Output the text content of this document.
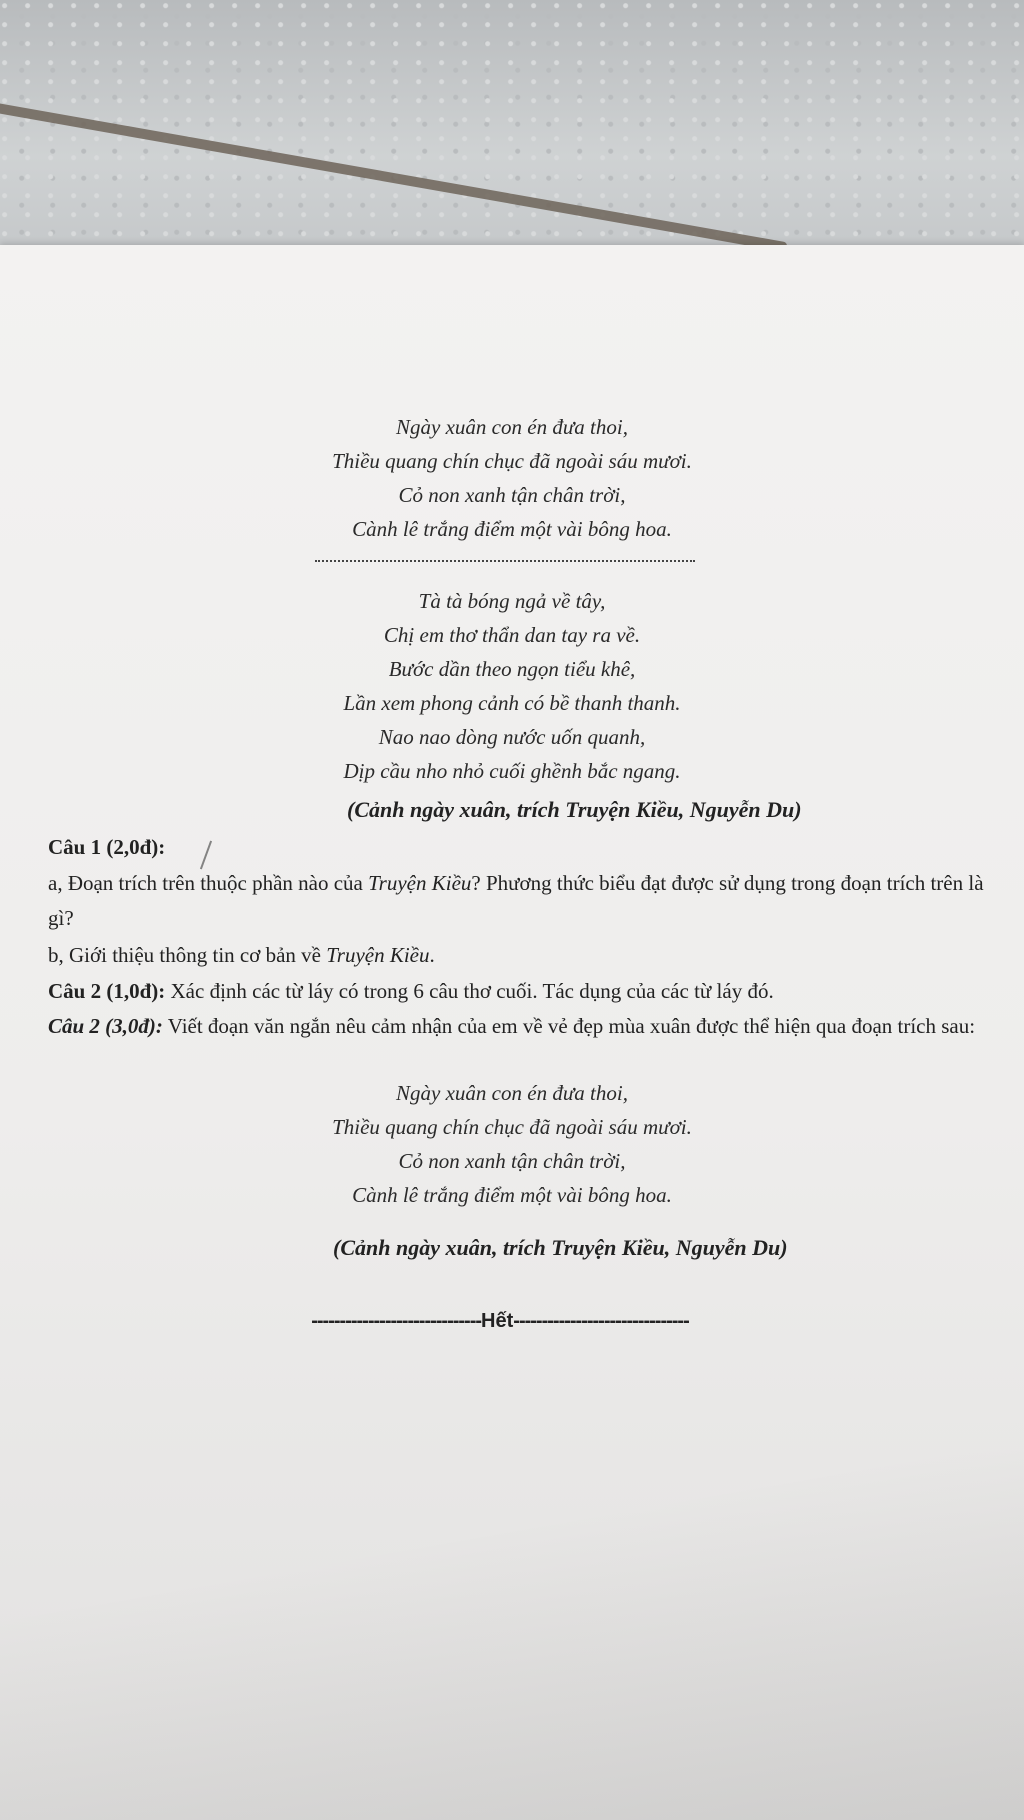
Ngày xuân con én đưa thoi,
Thiều quang chín chục đã ngoài sáu mươi.
Cỏ non xanh tận chân trời,
Cành lê trắng điểm một vài bông hoa.
Tà tà bóng ngả về tây,
Chị em thơ thẩn dan tay ra về.
Bước dần theo ngọn tiểu khê,
Lần xem phong cảnh có bề thanh thanh.
Nao nao dòng nước uốn quanh,
Dịp cầu nho nhỏ cuối ghềnh bắc ngang.
(Cảnh ngày xuân, trích Truyện Kiều, Nguyễn Du)
Câu 1 (2,0đ):
a, Đoạn trích trên thuộc phần nào của Truyện Kiều? Phương thức biểu đạt được sử dụng trong đoạn trích trên là gì?
b, Giới thiệu thông tin cơ bản về Truyện Kiều.
Câu 2 (1,0đ): Xác định các từ láy có trong 6 câu thơ cuối. Tác dụng của các từ láy đó.
Câu 2 (3,0đ): Viết đoạn văn ngắn nêu cảm nhận của em về vẻ đẹp mùa xuân được thể hiện qua đoạn trích sau:
Ngày xuân con én đưa thoi,
Thiều quang chín chục đã ngoài sáu mươi.
Cỏ non xanh tận chân trời,
Cành lê trắng điểm một vài bông hoa.
(Cảnh ngày xuân, trích Truyện Kiều, Nguyễn Du)
------------------------------Hết-------------------------------
